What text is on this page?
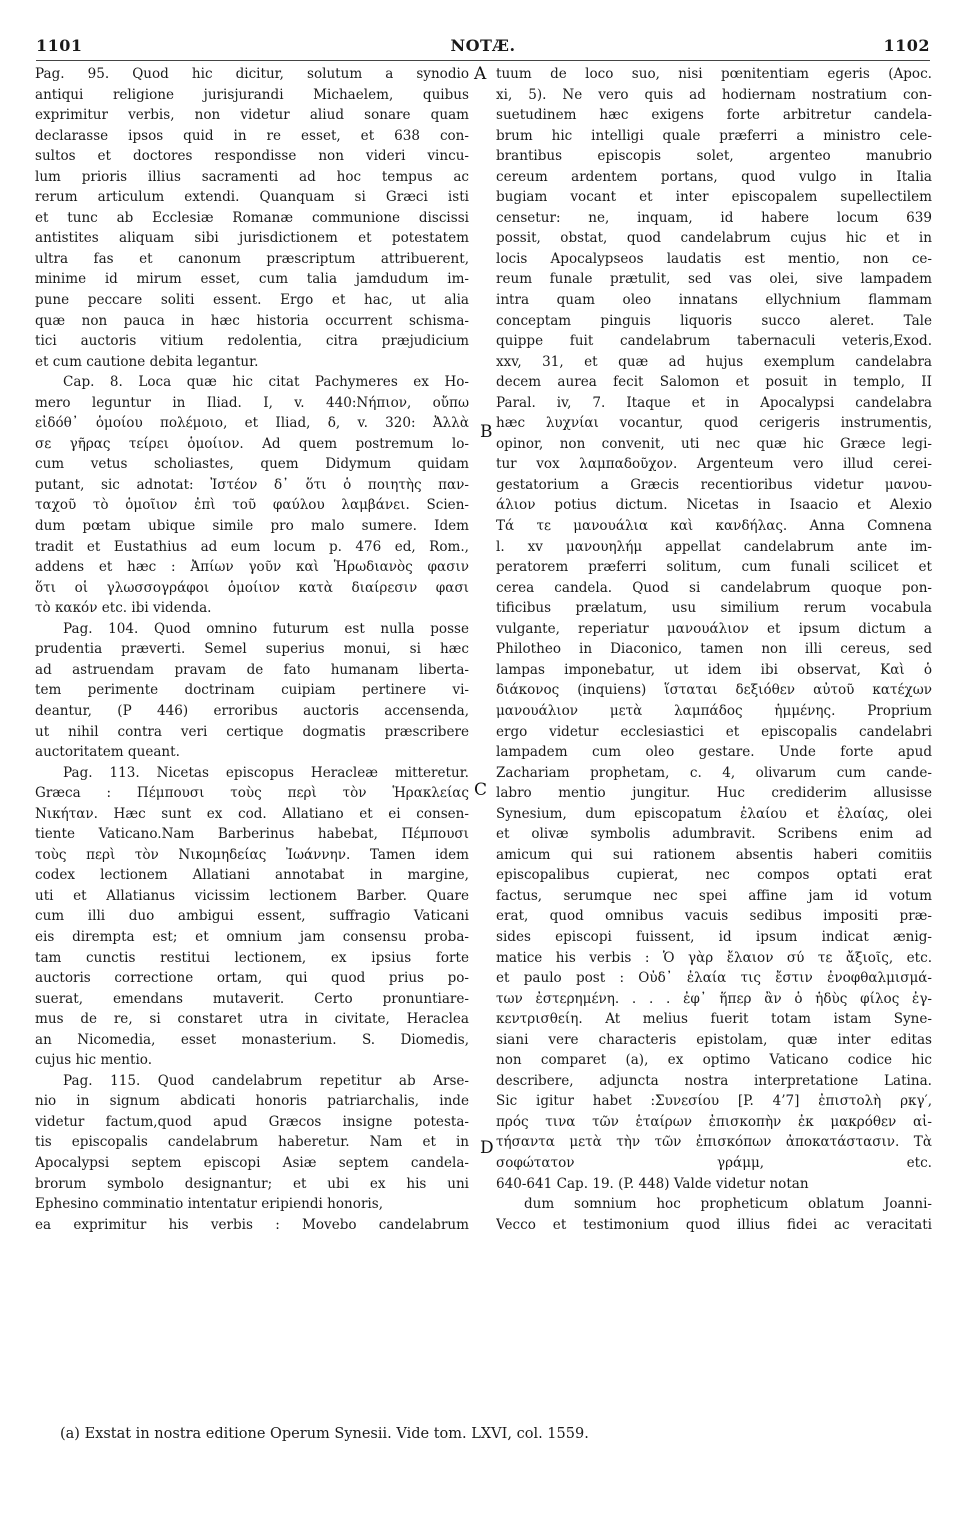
1101	NOTÆ.	1102
Pag. 95. Quod hic dicitur, solutum a synodio
antiqui religione jurisjurandi Michaelem, quibus
exprimitur verbis, non videtur aliud sonare quam
declarasse ipsos quid in re esset, et 638 con-
sultos et doctores respondisse non videri vincu-
lum prioris illius sacramenti ad hoc tempus ac
rerum articulum extendi. Quanquam si Græci isti
et tunc ab Ecclesiæ Romanæ communione discissi
antistites aliquam sibi jurisdictionem et potestatem
ultra fas et canonum præscriptum attribuerent,
minime id mirum esset, cum talia jamdudum im-
pune peccare soliti essent. Ergo et hac, ut alia
quæ non pauca in hæc historia occurrent schisma-
tici auctoris vitium redolentia, citra præjudicium
et cum cautione debita legantur.
Cap. 8. Loca quæ hic citat Pachymeres ex Ho-
mero leguntur in Iliad. I, v. 440:Νήπιον, οὔπω
εἰδόθ᾽ ὁμοίου πολέμοιο, et Iliad, δ, v. 320: Ἀλλὰ
σε γῆρας τείρει ὁμοίιον. Ad quem postremum lo-
cum vetus scholiastes, quem Didymum quidam
putant, sic adnotat: Ἰστέον δ᾽ ὅτι ὁ ποιητὴς παν-
ταχοῦ τὸ ὁμοῖιον ἐπὶ τοῦ φαύλου λαμβάνει. Scien-
dum pœtam ubique simile pro malo sumere. Idem
tradit et Eustathius ad eum locum p. 476 ed, Rom.,
addens et hæc : Ἀπίων γοῦν καὶ Ἡρωδιανὸς φασιν
ὅτι οἱ γλωσσογράφοι ὁμοίιον κατὰ διαίρεσιν φασι
τὸ κακόν etc. ibi videnda.
Pag. 104. Quod omnino futurum est nulla posse
prudentia præverti. Semel superius monui, si hæc
ad astruendam pravam de fato humanam liberta-
tem perimente doctrinam cuipiam pertinere vi-
deantur, (P 446) erroribus auctoris accensenda,
ut nihil contra veri certique dogmatis præscribere
auctoritatem queant.
Pag. 113. Nicetas episcopus Heracleæ mitteretur.
Græca : Πέμπουσι τοὺς περὶ τὸν Ἡρακλείας
Νικήταν. Hæc sunt ex cod. Allatiano et ei consen-
tiente Vaticano.Nam Barberinus habebat, Πέμπουσι
τοὺς περὶ τὸν Νικομηδείας Ἰωάννην. Tamen idem
codex lectionem Allatiani annotabat in margine,
uti et Allatianus vicissim lectionem Barber. Quare
cum illi duo ambigui essent, suffragio Vaticani
eis dirempta est; et omnium jam consensu proba-
tam cunctis restitui lectionem, ex ipsius forte
auctoris correctione ortam, qui quod prius po-
suerat, emendans mutaverit. Certo pronuntiare-
mus de re, si constaret utra in civitate, Heraclea
an Nicomedia, esset monasterium. S. Diomedis,
cujus hic mentio.
Pag. 115. Quod candelabrum repetitur ab Arse-
nio in signum abdicati honoris patriarchalis, inde
videtur factum,quod apud Græcos insigne potesta-
tis episcopalis candelabrum haberetur. Nam et in
Apocalypsi septem episcopi Asiæ septem candela-
brorum symbolo designantur; et ubi ex his uni
Ephesino comminatio intentatur eripiendi honoris,
ea exprimitur his verbis : Movebo candelabrum
tuum de loco suo, nisi pœnitentiam egeris (Apoc.
xi, 5). Ne vero quis ad hodiernam nostratium con-
suetudinem hæc exigens forte arbitretur candela-
brum hic intelligi quale præferri a ministro cele-
brantibus episcopis solet, argenteo manubrio
cereum ardentem portans, quod vulgo in Italia
bugiam vocant et inter episcopalem supellectilem
censetur: ne, inquam, id habere locum 639
possit, obstat, quod candelabrum cujus hic et in
locis Apocalypseos laudatis est mentio, non ce-
reum funale prætulit, sed vas olei, sive lampadem
intra quam oleo innatans ellychnium flammam
conceptam pinguis liquoris succo aleret. Tale
quippe fuit candelabrum tabernaculi veteris,Exod.
xxv, 31, et quæ ad hujus exemplum candelabra
decem aurea fecit Salomon et posuit in templo, II
Paral. iv, 7. Itaque et in Apocalypsi candelabra
hæc λυχνίαι vocantur, quod cerigeris instrumentis,
opinor, non convenit, uti nec quæ hic Græce legi-
tur vox λαμπαδοῦχον. Argenteum vero illud cerei-
gestatorium a Græcis recentioribus videtur μανου-
άλιον potius dictum. Nicetas in Isaacio et Alexio
Τά τε μανουάλια καὶ κανδήλας. Anna Comnena
l. xv μανουηλήμ appellat candelabrum ante im-
peratorem præferri solitum, cum funali scilicet et
cerea candela. Quod si candelabrum quoque pon-
tificibus prælatum, usu similium rerum vocabula
vulgante, reperiatur μανουάλιον et ipsum dictum a
Philotheo in Diaconico, tamen non illi cereus, sed
lampas imponebatur, ut idem ibi observat, Καὶ ὁ
διάκονος (inquiens) ἵσταται δεξιόθεν αὐτοῦ κατέχων
μανουάλιον μετὰ λαμπάδος ἡμμένης. Proprium
ergo videtur ecclesiastici et episcopalis candelabri
lampadem cum oleo gestare. Unde forte apud
Zachariam prophetam, c. 4, olivarum cum cande-
labro mentio jungitur. Huc crediderim allusisse
Synesium, dum episcopatum ἐλαίου et ἐλαίας, olei
et olivæ symbolis adumbravit. Scribens enim ad
amicum qui sui rationem absentis haberi comitiis
episcopalibus cupierat, nec compos optati erat
factus, serumque nec spei affine jam id votum
erat, quod omnibus vacuis sedibus impositi præ-
sides episcopi fuissent, id ipsum indicat ænig-
matice his verbis : Ὁ γὰρ ἔλαιον σύ τε ἄξιοῖς, etc.
et paulo post : Οὐδ᾽ ἐλαία τις ἔστιν ἐνοφθαλμισμά-
των ἐστερημένη. . . . ἐφ᾽ ἥπερ ἂν ὁ ἡδὺς φίλος ἐγ-
κεντρισθείη. At melius fuerit totam istam Syne-
siani vere characteris epistolam, quæ inter editas
non comparet (a), ex optimo Vaticano codice hic
describere, adjuncta nostra interpretatione Latina.
Sic igitur habet :Συνεσίου [P. 4’7] ἐπιστολὴ ρκγ′,
πρός τινα τῶν ἑταίρων ἐπισκοπὴν ἐκ μακρόθεν αἰ-
τήσαντα μετὰ τὴν τῶν ἐπισκόπων ἀποκατάστασιν. Τὰ
σοφώτατον γράμμ, etc.
640-641 Cap. 19. (P. 448) Valde videtur notan
dum somnium hoc propheticum oblatum Joanni-
Vecco et testimonium quod illius fidei ac veracitati
A
B
C
D
(a) Exstat in nostra editione Operum Synesii. Vide tom. LXVI, col. 1559.
